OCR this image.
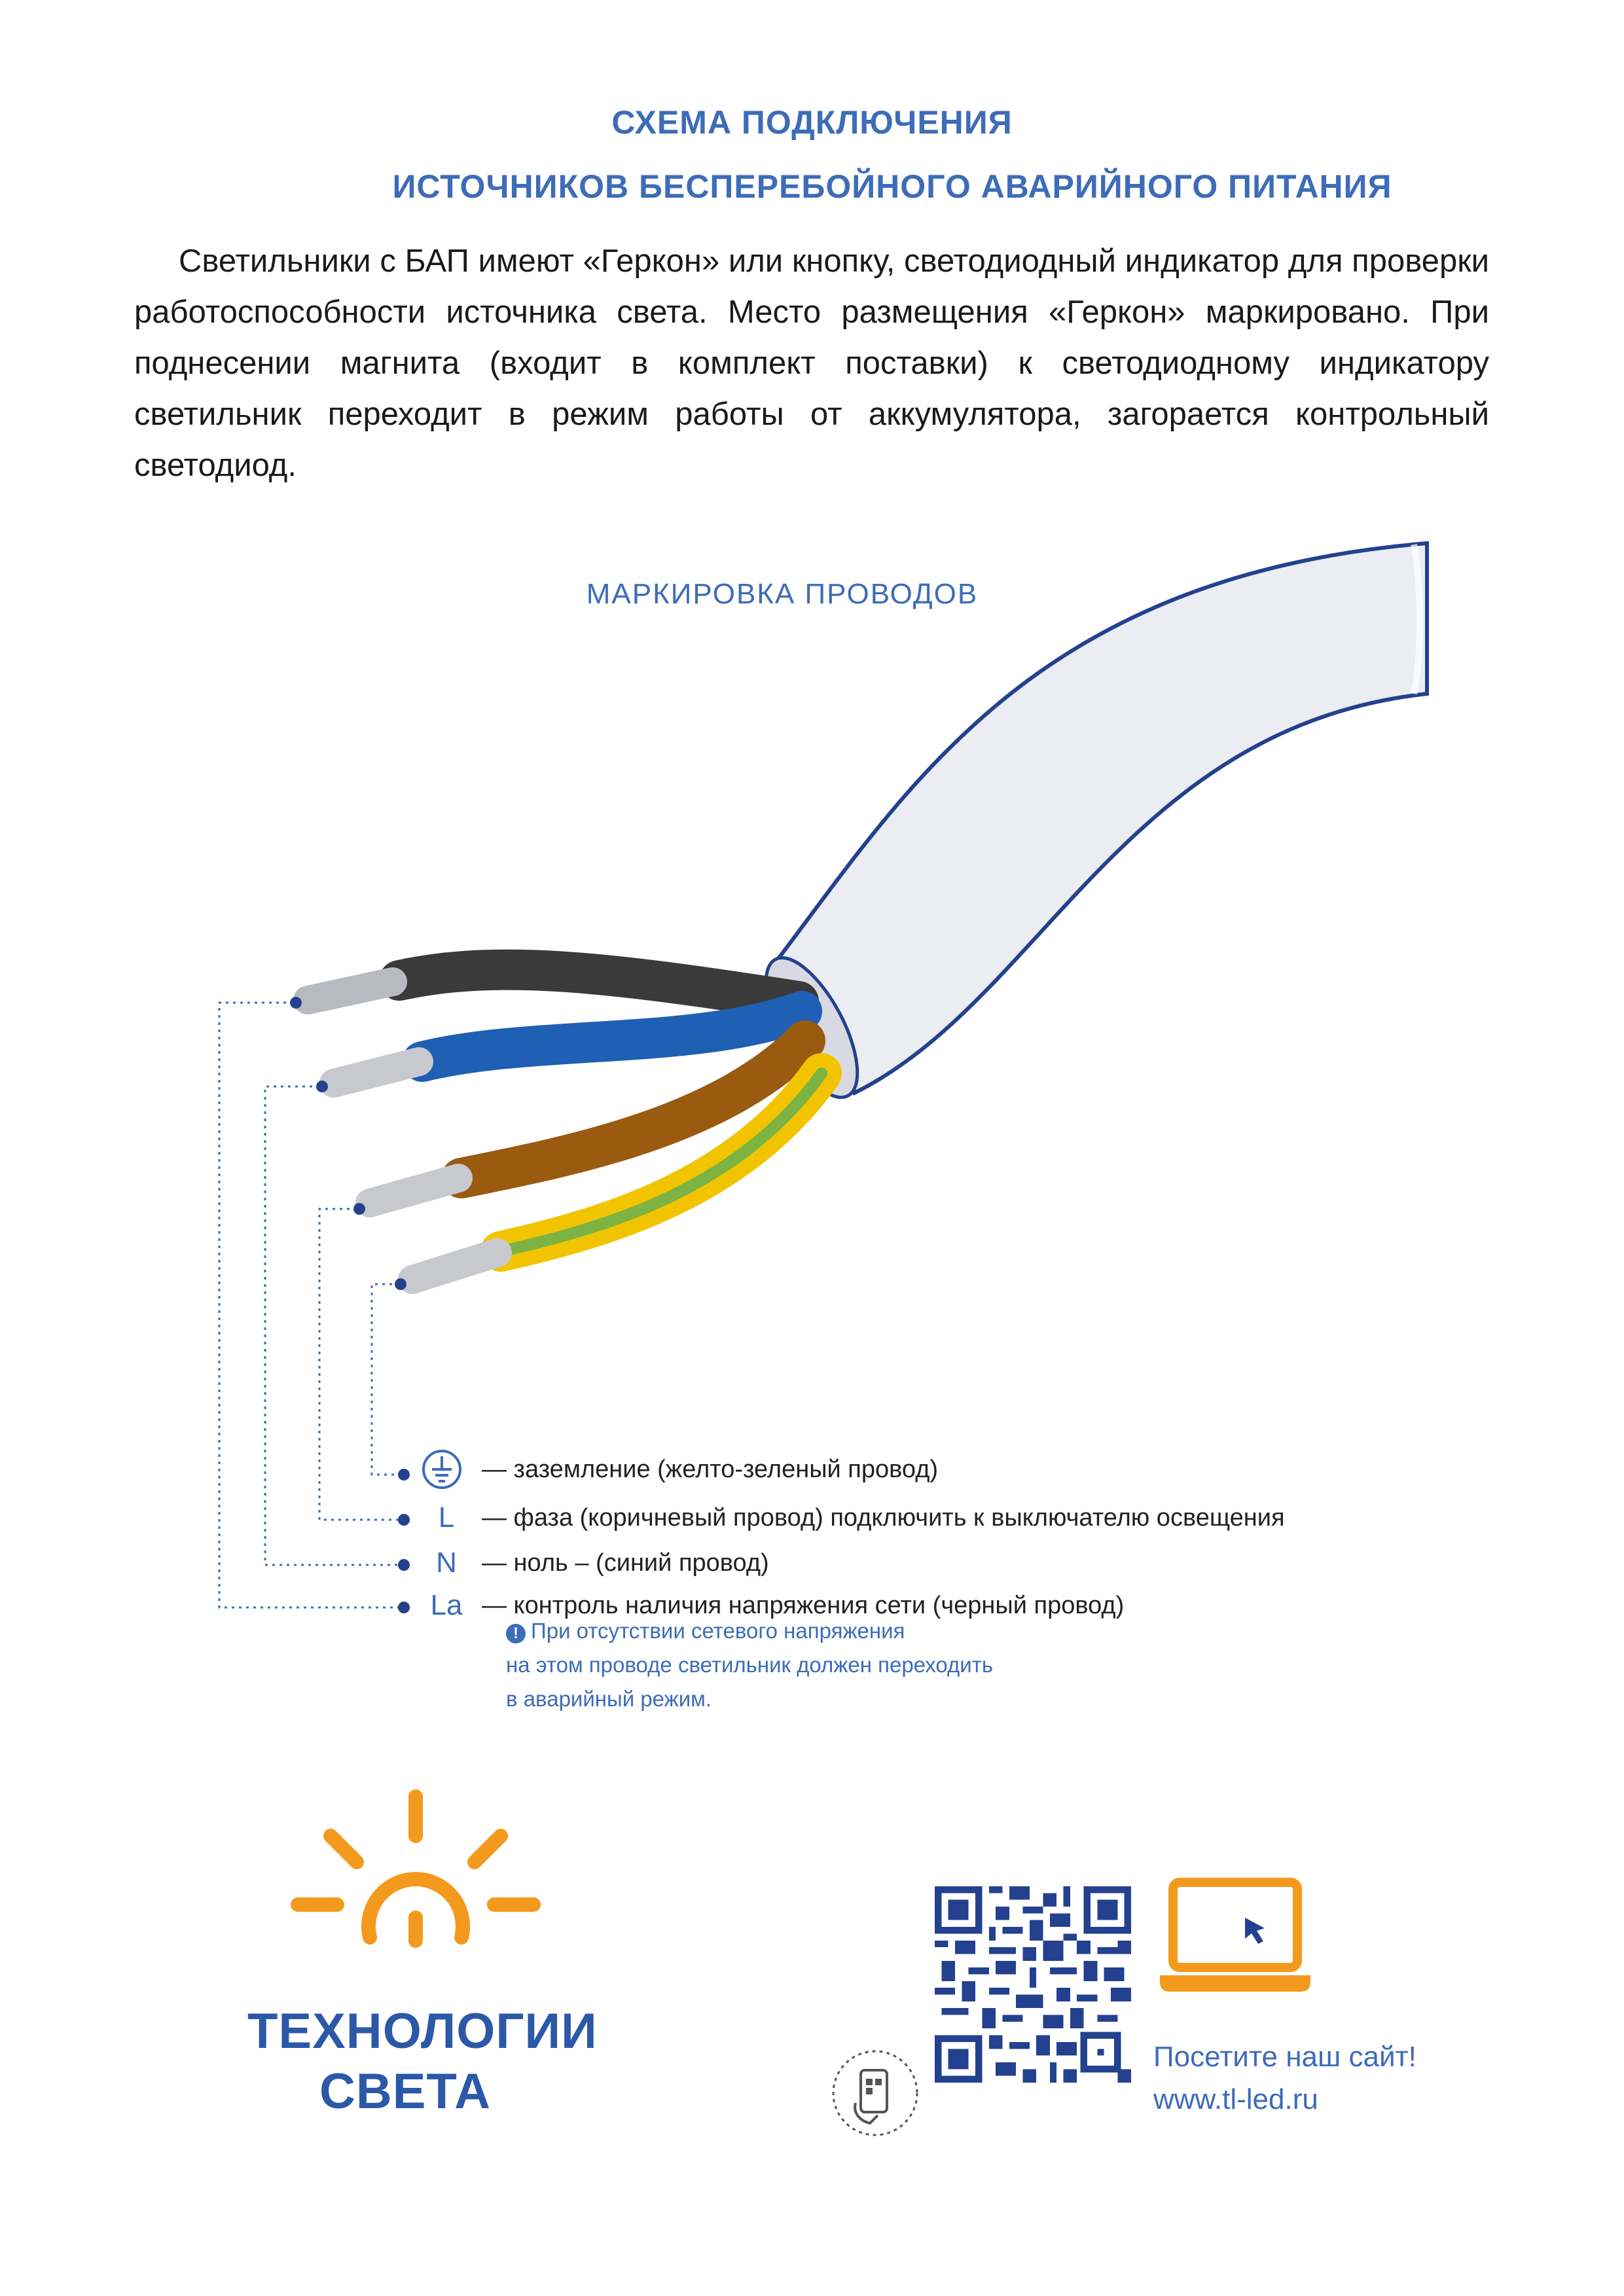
СХЕМА ПОДКЛЮЧЕНИЯ
ИСТОЧНИКОВ БЕСПЕРЕБОЙНОГО АВАРИЙНОГО ПИТАНИЯ
Светильники с БАП имеют «Геркон» или кнопку, светодиодный индикатор для проверки работоспособности источника света. Место размещения «Геркон» маркировано. При поднесении магнита (входит в комплект поставки) к светодиодному индикатору светильник переходит в режим работы от аккумулятора, загорается контрольный светодиод.
МАРКИРОВКА ПРОВОДОВ
— заземление (желто-зеленый провод)
L	— фаза (коричневый провод) подключить к выключателю освещения
N	— ноль – (синий провод)
La — контроль наличия напряжения сети (черный провод)
! При отсутствии сетевого напряжения
на этом проводе светильник должен переходить
в аварийный режим.
ТЕХНОЛОГИИ
СВЕТА
Посетите наш сайт!
www.tl-led.ru
